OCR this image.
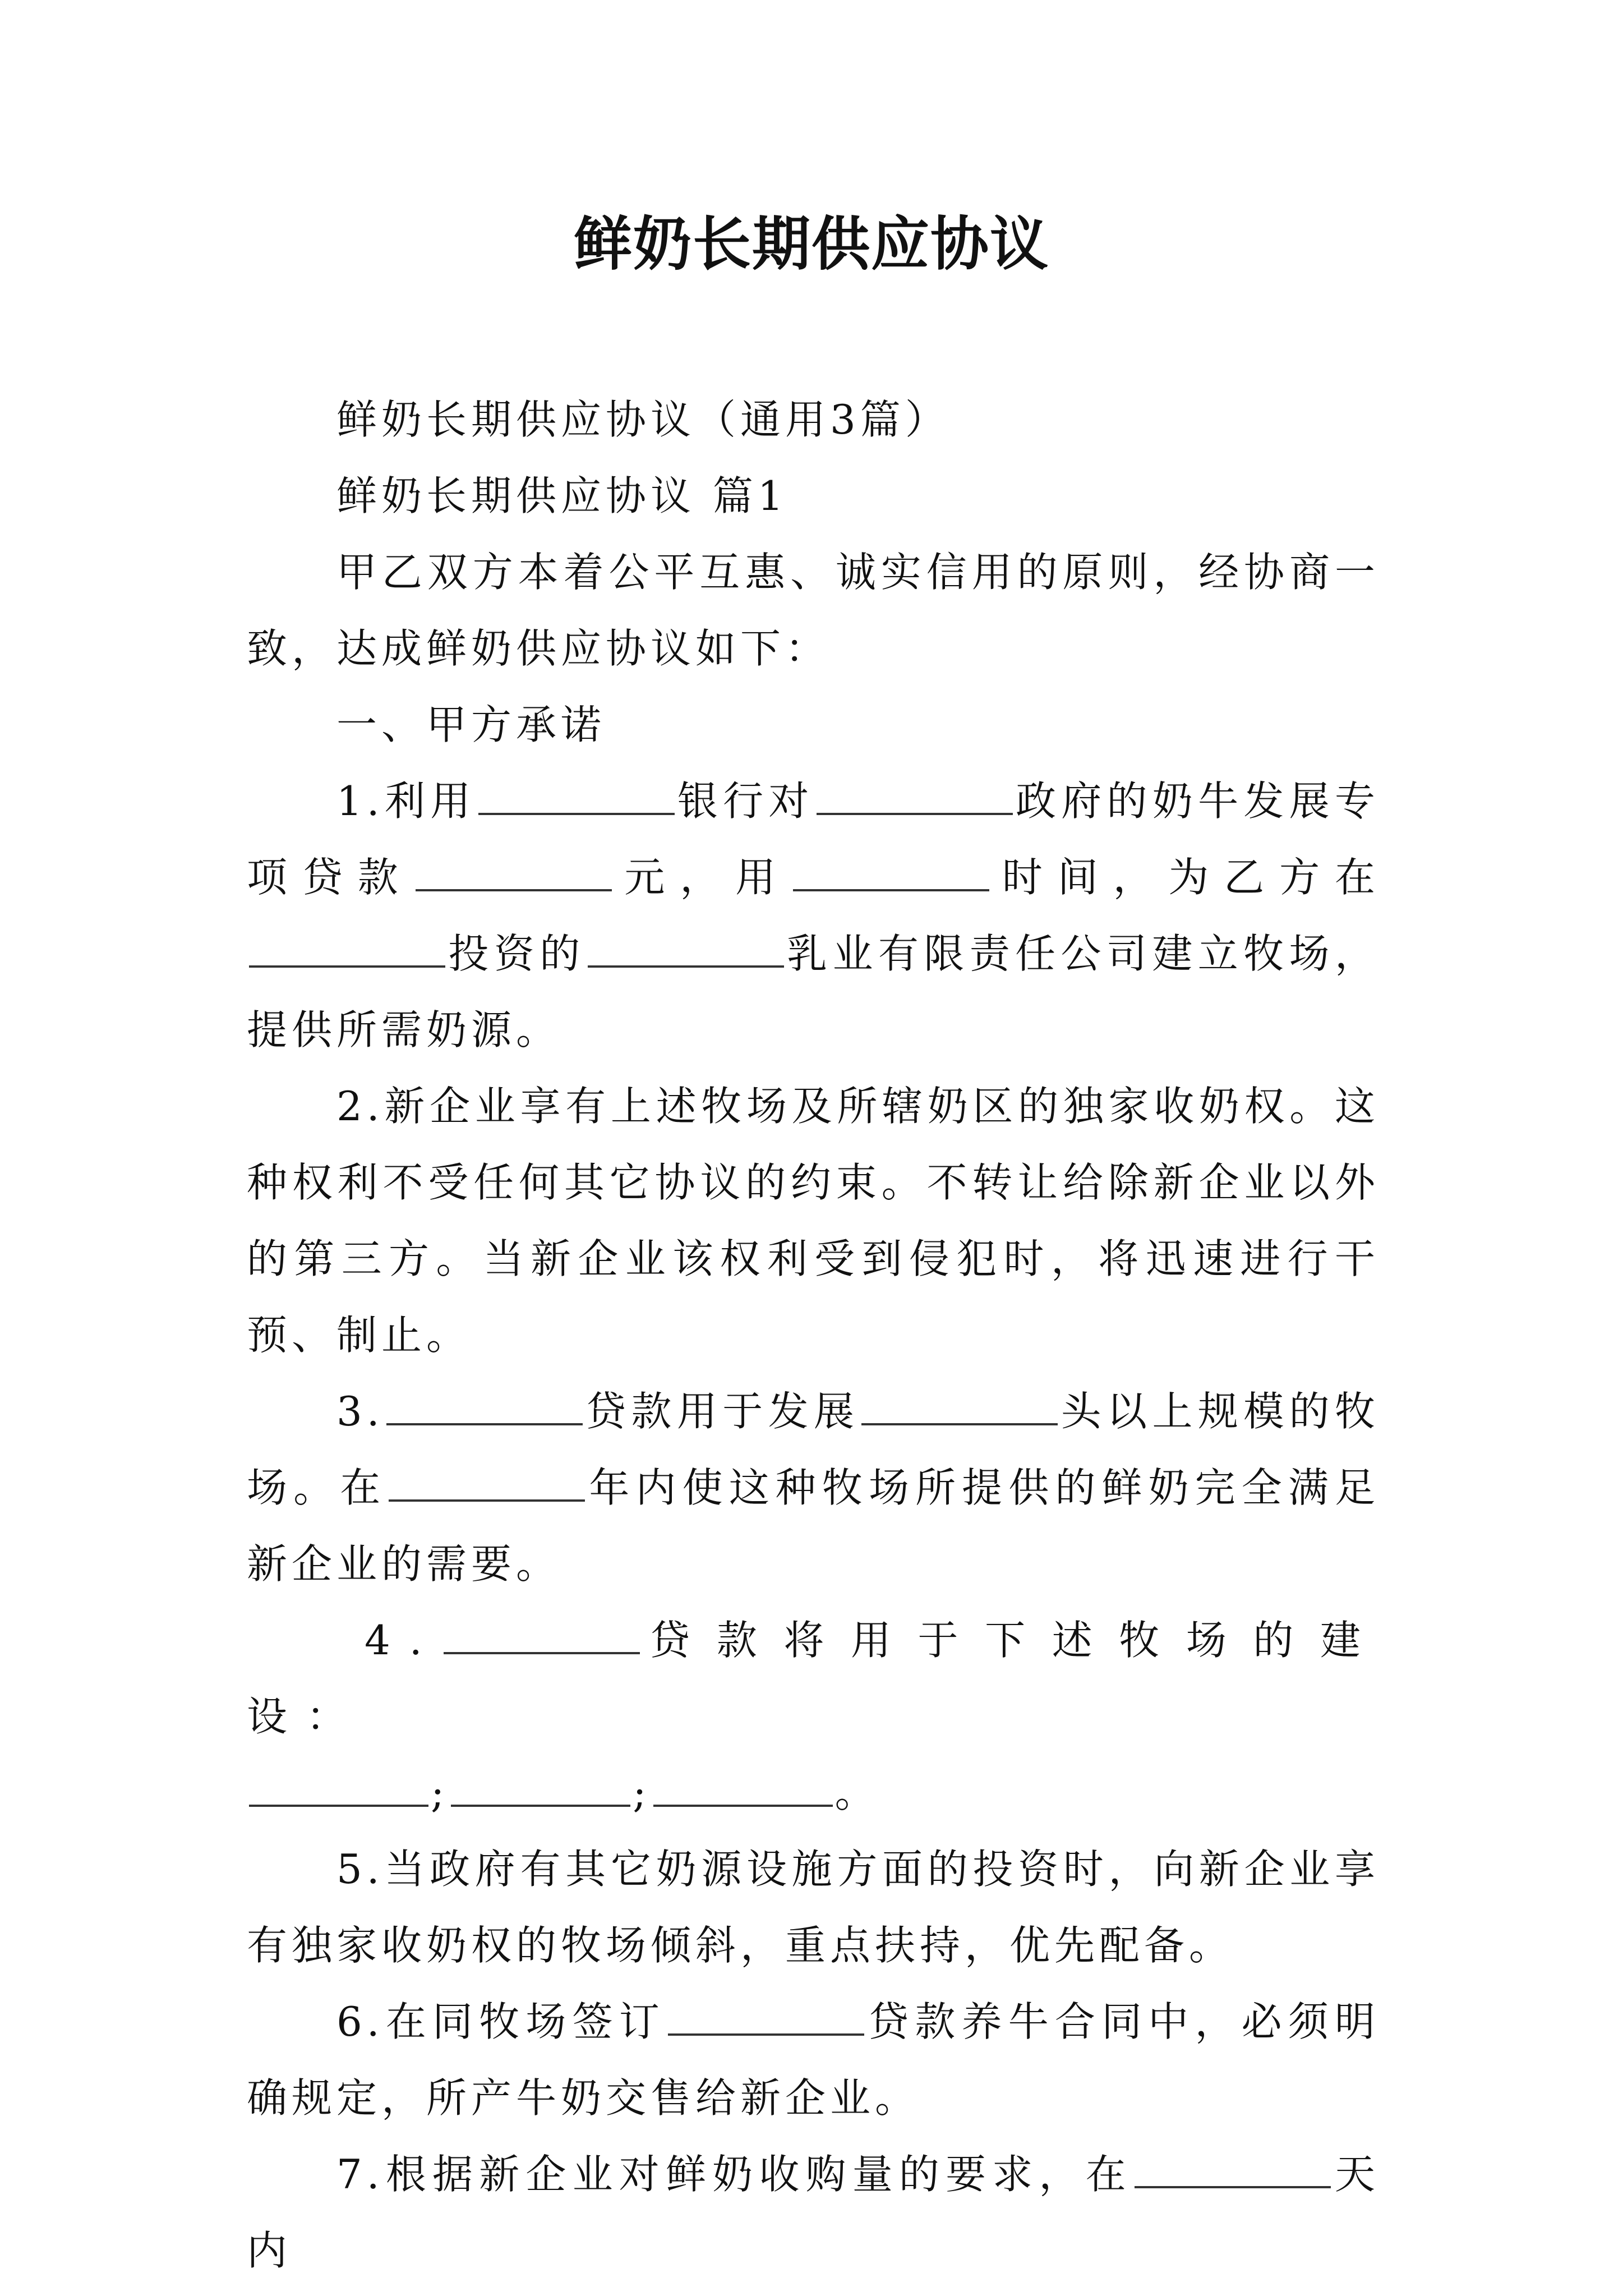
鲜奶长期供应协议

鲜奶长期供应协议（通用3篇）

鲜奶长期供应协议 篇1

甲乙双方本着公平互惠、诚实信用的原则，经协商一致，达成鲜奶供应协议如下：

一、甲方承诺

1.利用	银行对	政府的奶牛发展专项贷款	元，用	时间，为乙方在投资的	乳业有限责任公司建立牧场，提供所需奶源。

2.新企业享有上述牧场及所辖奶区的独家收奶权。这种权利不受任何其它协议的约束。不转让给除新企业以外的第三方。当新企业该权利受到侵犯时，将迅速进行干预、制止。

3.	贷款用于发展	头以上规模的牧场。在	年内使这种牧场所提供的鲜奶完全满足新企业的需要。

4.	贷款将用于下述牧场的建设：

;	;	。

5.当政府有其它奶源设施方面的投资时，向新企业享有独家收奶权的牧场倾斜，重点扶持，优先配备。

6.在同牧场签订	贷款养牛合同中，必须明确规定，所产牛奶交售给新企业。

7.根据新企业对鲜奶收购量的要求，在	天内
